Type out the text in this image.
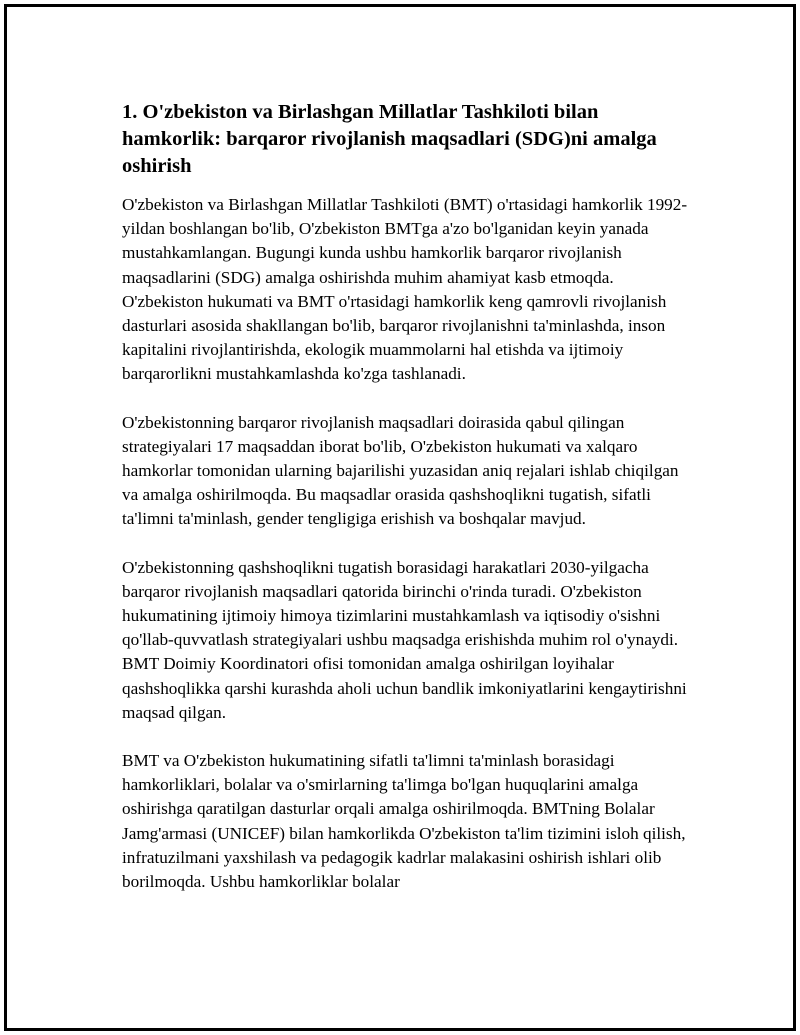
1. O'zbekiston va Birlashgan Millatlar Tashkiloti bilan hamkorlik: barqaror rivojlanish maqsadlari (SDG)ni amalga oshirish

O'zbekiston va Birlashgan Millatlar Tashkiloti (BMT) o'rtasidagi hamkorlik 1992-yildan boshlangan bo'lib, O'zbekiston BMTga a'zo bo'lganidan keyin yanada mustahkamlangan. Bugungi kunda ushbu hamkorlik barqaror rivojlanish maqsadlarini (SDG) amalga oshirishda muhim ahamiyat kasb etmoqda. O'zbekiston hukumati va BMT o'rtasidagi hamkorlik keng qamrovli rivojlanish dasturlari asosida shakllangan bo'lib, barqaror rivojlanishni ta'minlashda, inson kapitalini rivojlantirishda, ekologik muammolarni hal etishda va ijtimoiy barqarorlikni mustahkamlashda ko'zga tashlanadi.

O'zbekistonning barqaror rivojlanish maqsadlari doirasida qabul qilingan strategiyalari 17 maqsaddan iborat bo'lib, O'zbekiston hukumati va xalqaro hamkorlar tomonidan ularning bajarilishi yuzasidan aniq rejalari ishlab chiqilgan va amalga oshirilmoqda. Bu maqsadlar orasida qashshoqlikni tugatish, sifatli ta'limni ta'minlash, gender tengligiga erishish va boshqalar mavjud.

O'zbekistonning qashshoqlikni tugatish borasidagi harakatlari 2030-yilgacha barqaror rivojlanish maqsadlari qatorida birinchi o'rinda turadi. O'zbekiston hukumatining ijtimoiy himoya tizimlarini mustahkamlash va iqtisodiy o'sishni qo'llab-quvvatlash strategiyalari ushbu maqsadga erishishda muhim rol o'ynaydi. BMT Doimiy Koordinatori ofisi tomonidan amalga oshirilgan loyihalar qashshoqlikka qarshi kurashda aholi uchun bandlik imkoniyatlarini kengaytirishni maqsad qilgan.

BMT va O'zbekiston hukumatining sifatli ta'limni ta'minlash borasidagi hamkorliklari, bolalar va o'smirlarning ta'limga bo'lgan huquqlarini amalga oshirishga qaratilgan dasturlar orqali amalga oshirilmoqda. BMTning Bolalar Jamg'armasi (UNICEF) bilan hamkorlikda O'zbekiston ta'lim tizimini isloh qilish, infratuzilmani yaxshilash va pedagogik kadrlar malakasini oshirish ishlari olib borilmoqda. Ushbu hamkorliklar bolalar
